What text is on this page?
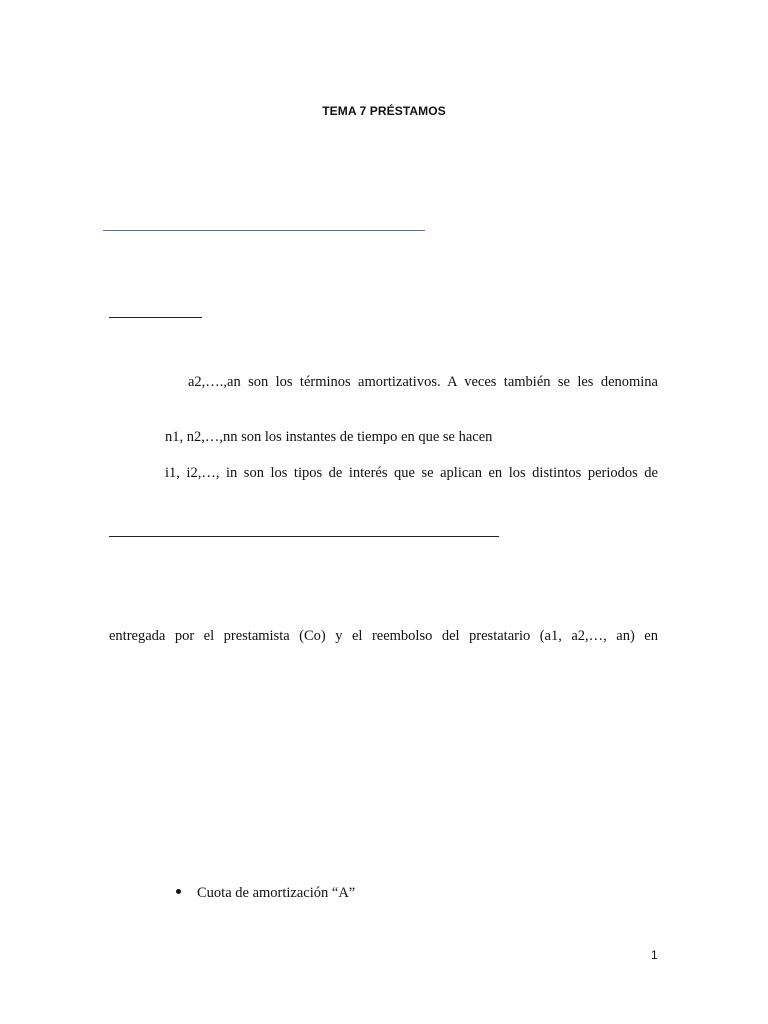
TEMA 7 PRÉSTAMOS
a2,….,an son los términos amortizativos. A veces también se les denomina
n1, n2,…,nn son los instantes de tiempo en que se hacen
i1, i2,…, in son los tipos de interés que se aplican en los distintos periodos de
entregada por el prestamista (Co) y el reembolso del prestatario (a1, a2,…, an) en
Cuota de amortización “A”
1
